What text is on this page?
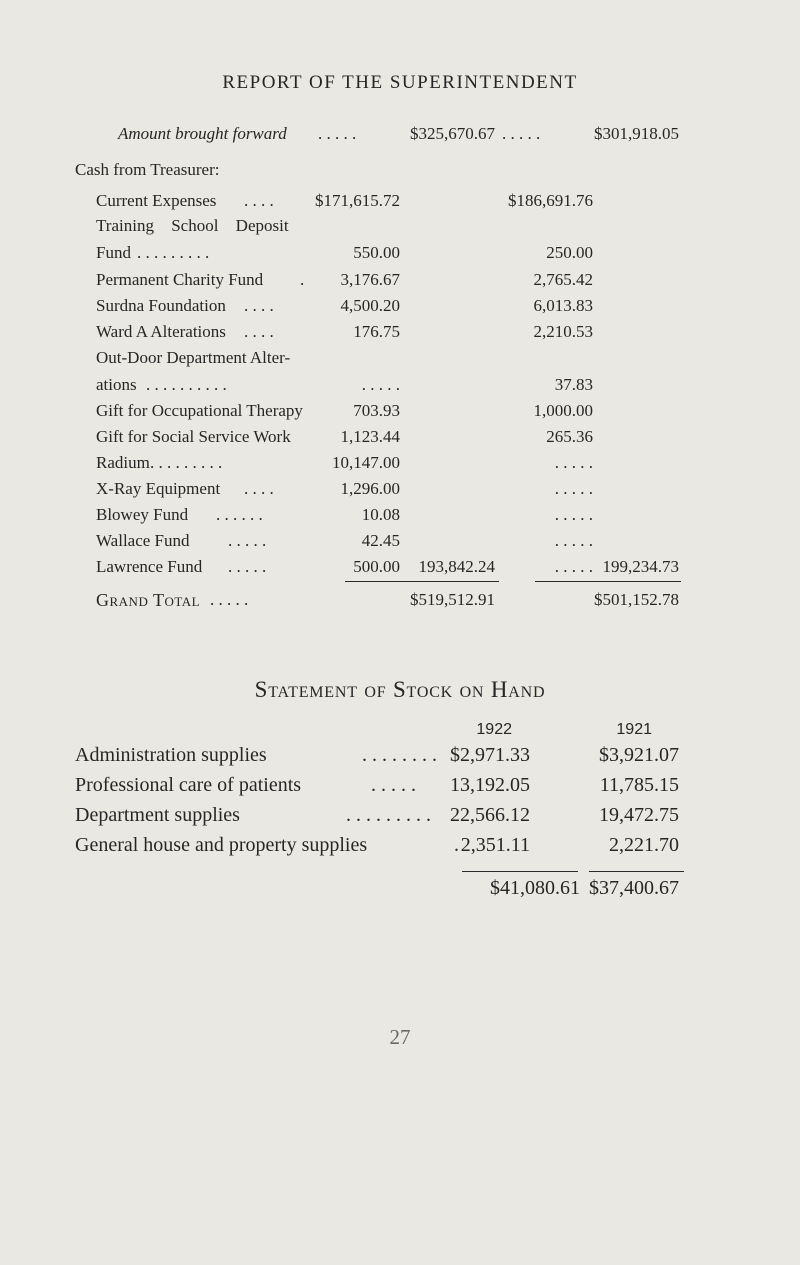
REPORT OF THE SUPERINTENDENT
Amount brought forward . . . . .	$325,670.67 . . . . .	$301,918.05
Cash from Treasurer:
Current Expenses . . . . $171,615.72	$186,691.76
Training School Deposit
Fund . . . . . . . . .	550.00	250.00
Permanent Charity Fund . 3,176.67	2,765.42
Surdna Foundation . . . .	4,500.20	6,013.83
Ward A Alterations . . . .	176.75	2,210.53
Out-Door Department Alter-
ations . . . . . . . . . .	. . . . .	37.83
Gift for Occupational Therapy	703.93	1,000.00
Gift for Social Service Work	1,123.44	265.36
Radium . . . . . . . . .	10,147.00	. . . . .
X-Ray Equipment . . . .	1,296.00	. . . . .
Blowey Fund . . . . . .	10.08	. . . . .
Wallace Fund . . . . .	42.45	. . . . .
Lawrence Fund . . . . .	500.00 193,842.24	. . . . . 199,234.73
Grand Total . . . . .	$519,512.91	$501,152.78
Statement of Stock on Hand
1922	1921
Administration supplies	. . . . . . . . $2,971.33	$3,921.07
Professional care of patients	. . . . . 13,192.05	11,785.15
Department supplies	. . . . . . . . . 22,566.12	19,472.75
General house and property supplies	. 2,351.11	2,221.70
$41,080.61 $37,400.67
27
